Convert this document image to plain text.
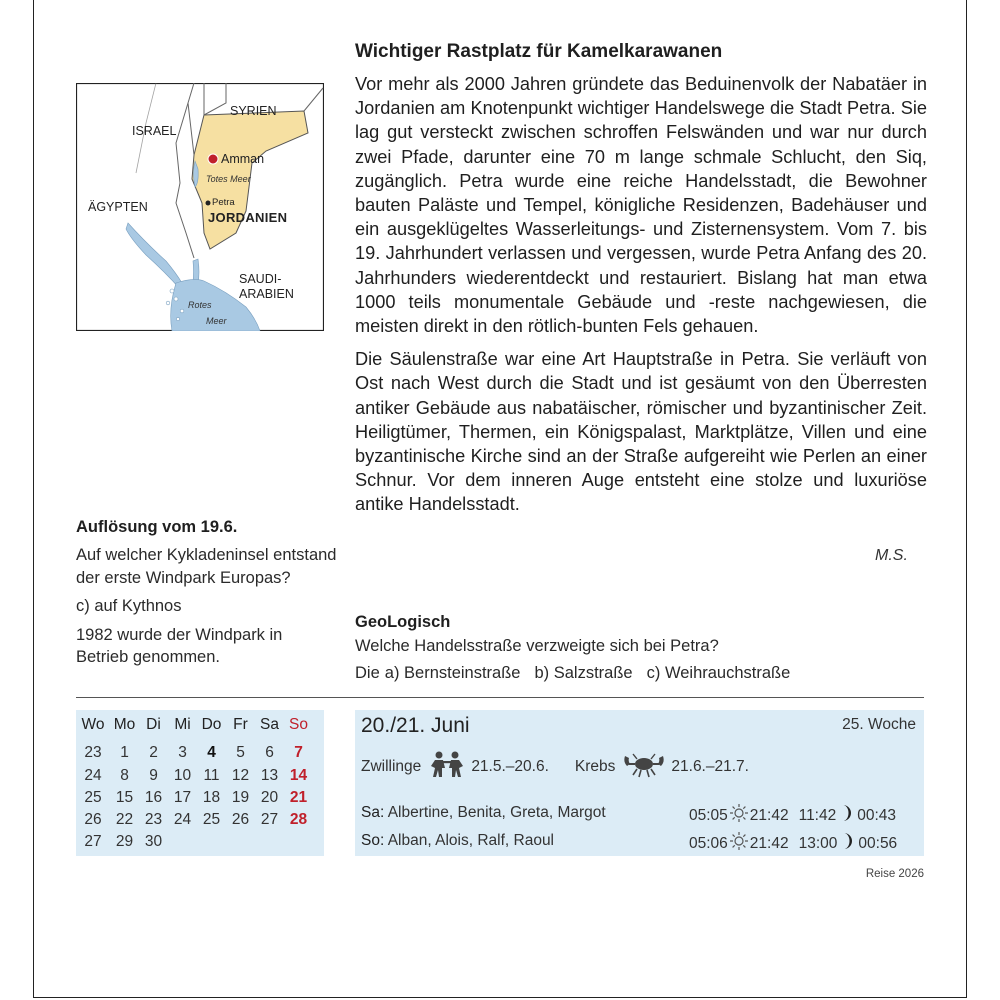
SYRIEN
ISRAEL
Amman
Totes Meer
ÄGYPTEN	Petra
JORDANIEN
SAUDI-
ARABIEN
Rotes
Meer
Wichtiger Rastplatz für Kamelkarawanen

Vor mehr als 2000 Jahren gründete das Beduinenvolk der Nabatäer in Jordanien am Knotenpunkt wichtiger Handelswege die Stadt Petra. Sie lag gut versteckt zwischen schroffen Felswänden und war nur durch zwei Pfade, darunter eine 70 m lange schmale Schlucht, den Siq, zugänglich. Petra wurde eine reiche Handelsstadt, die Bewohner bauten Paläste und Tempel, königliche Residenzen, Badehäuser und ein ausgeklügeltes Wasserleitungs- und Zisternensystem. Vom 7. bis 19. Jahrhundert verlassen und vergessen, wurde Petra Anfang des 20. Jahrhunders wiederentdeckt und restauriert. Bislang hat man etwa 1000 teils monumentale Gebäude und -reste nachgewiesen, die meisten direkt in den rötlich-bunten Fels gehauen.

Die Säulenstraße war eine Art Hauptstraße in Petra. Sie verläuft von Ost nach West durch die Stadt und ist gesäumt von den Überresten antiker Gebäude aus nabatäischer, römischer und byzantinischer Zeit. Heiligtümer, Thermen, ein Königspalast, Marktplätze, Villen und eine byzantinische Kirche sind an der Straße aufgereiht wie Perlen an einer Schnur. Vor dem inneren Auge entsteht eine stolze und luxuriöse antike Handelsstadt.

M.S.
Auflösung vom 19.6.

Auf welcher Kykladeninsel entstand der erste Windpark Europas?

c) auf Kythnos

1982 wurde der Windpark in Betrieb genommen.

GeoLogisch

Welche Handelsstraße verzweigte sich bei Petra?

Die a) Bernsteinstraße b) Salzstraße c) Weihrauchstraße

Wo Mo Di Mi Do Fr Sa So
23	1	2	3	4	5	6	7
24	8	9	10 11 12 13 14
25 15 16 17 18 19 20 21
26 22 23 24 25 26 27 28
27 29 30
20./21. Juni	25. Woche
Zwillinge	21.5.–20.6. Krebs	21.6.–21.7.
Sa: Albertine, Benita, Greta, Margot	05:05 21:42 11:42 00:43
So: Alban, Alois, Ralf, Raoul	05:06 21:42 13:00 00:56
Reise 2026
